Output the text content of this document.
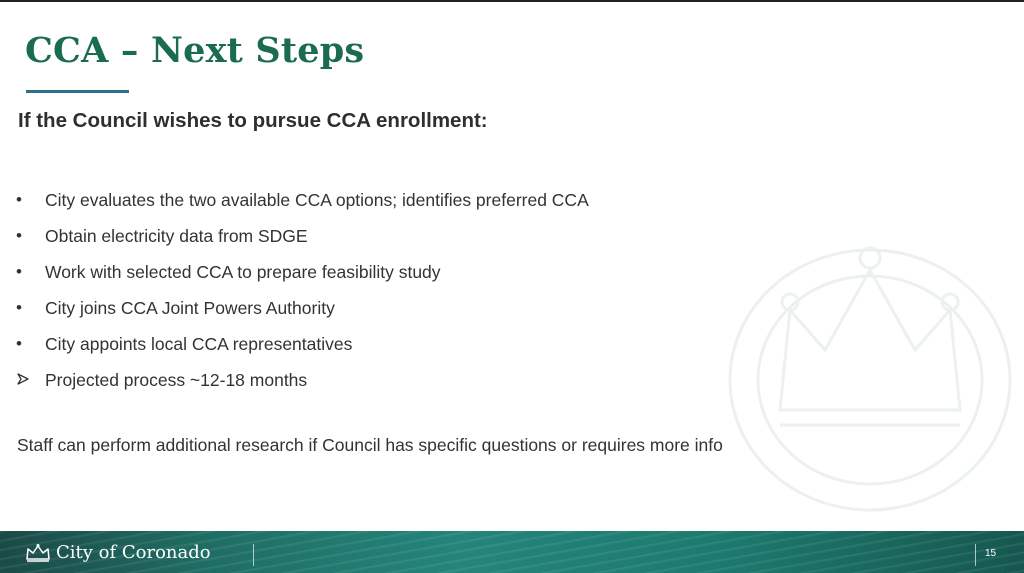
CCA – Next Steps
If the Council wishes to pursue CCA enrollment:
•	City evaluates the two available CCA options; identifies preferred CCA
•	Obtain electricity data from SDGE
•	Work with selected CCA to prepare feasibility study
•	City joins CCA Joint Powers Authority
•	City appoints local CCA representatives
Projected process ~12-18 months

Staff can perform additional research if Council has specific questions or requires more info

City of Coronado	15
